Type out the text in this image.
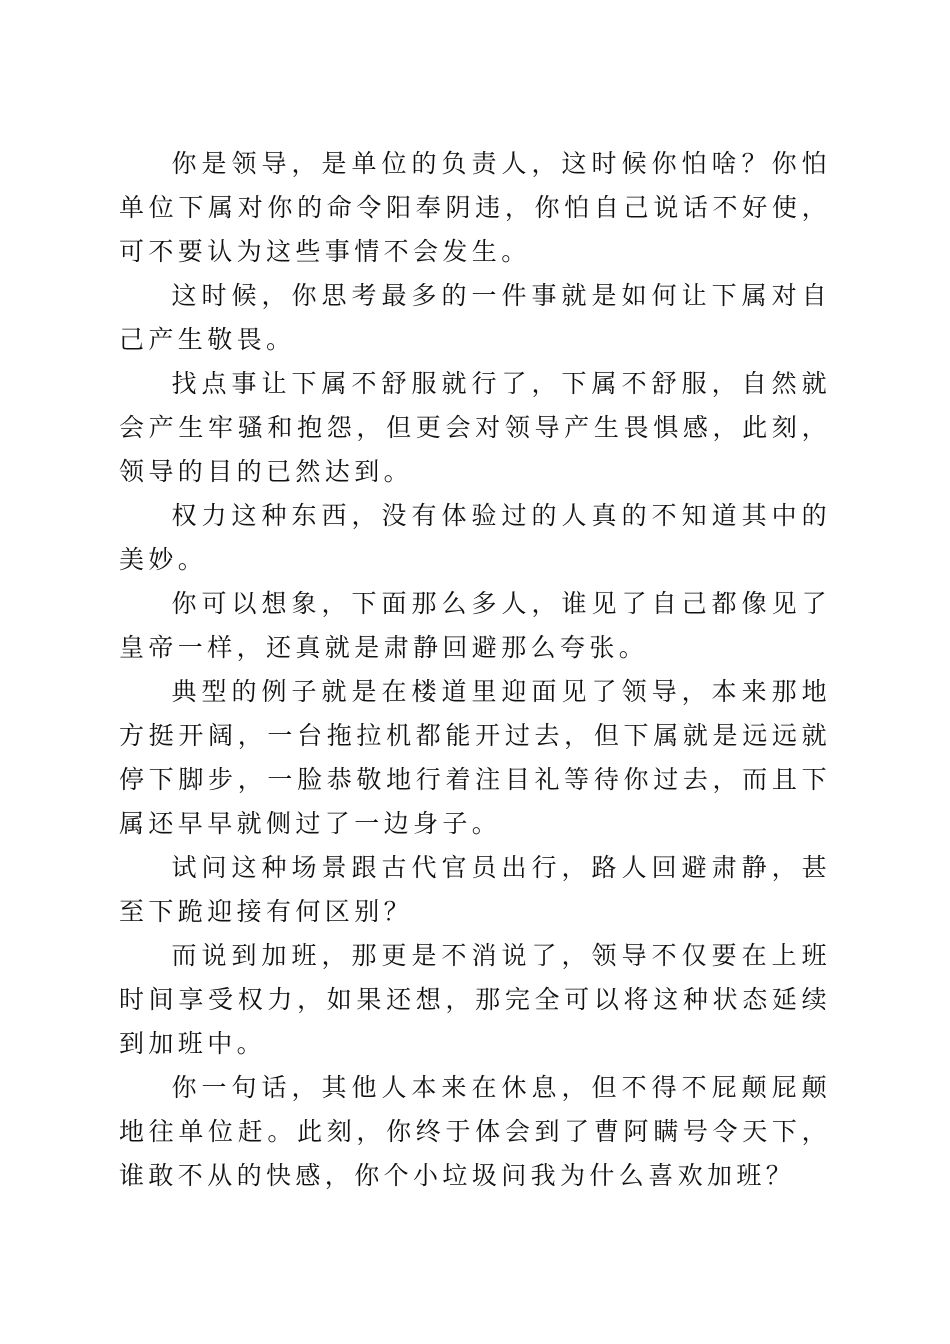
你是领导，是单位的负责人，这时候你怕啥？你怕单位下属对你的命令阳奉阴违，你怕自己说话不好使，可不要认为这些事情不会发生。

这时候，你思考最多的一件事就是如何让下属对自己产生敬畏。

找点事让下属不舒服就行了，下属不舒服，自然就会产生牢骚和抱怨，但更会对领导产生畏惧感，此刻，领导的目的已然达到。

权力这种东西，没有体验过的人真的不知道其中的美妙。

你可以想象，下面那么多人，谁见了自己都像见了皇帝一样，还真就是肃静回避那么夸张。

典型的例子就是在楼道里迎面见了领导，本来那地方挺开阔，一台拖拉机都能开过去，但下属就是远远就停下脚步，一脸恭敬地行着注目礼等待你过去，而且下属还早早就侧过了一边身子。

试问这种场景跟古代官员出行，路人回避肃静，甚至下跪迎接有何区别？

而说到加班，那更是不消说了，领导不仅要在上班时间享受权力，如果还想，那完全可以将这种状态延续到加班中。

你一句话，其他人本来在休息，但不得不屁颠屁颠地往单位赶。此刻，你终于体会到了曹阿瞒号令天下，谁敢不从的快感，你个小垃圾问我为什么喜欢加班？
